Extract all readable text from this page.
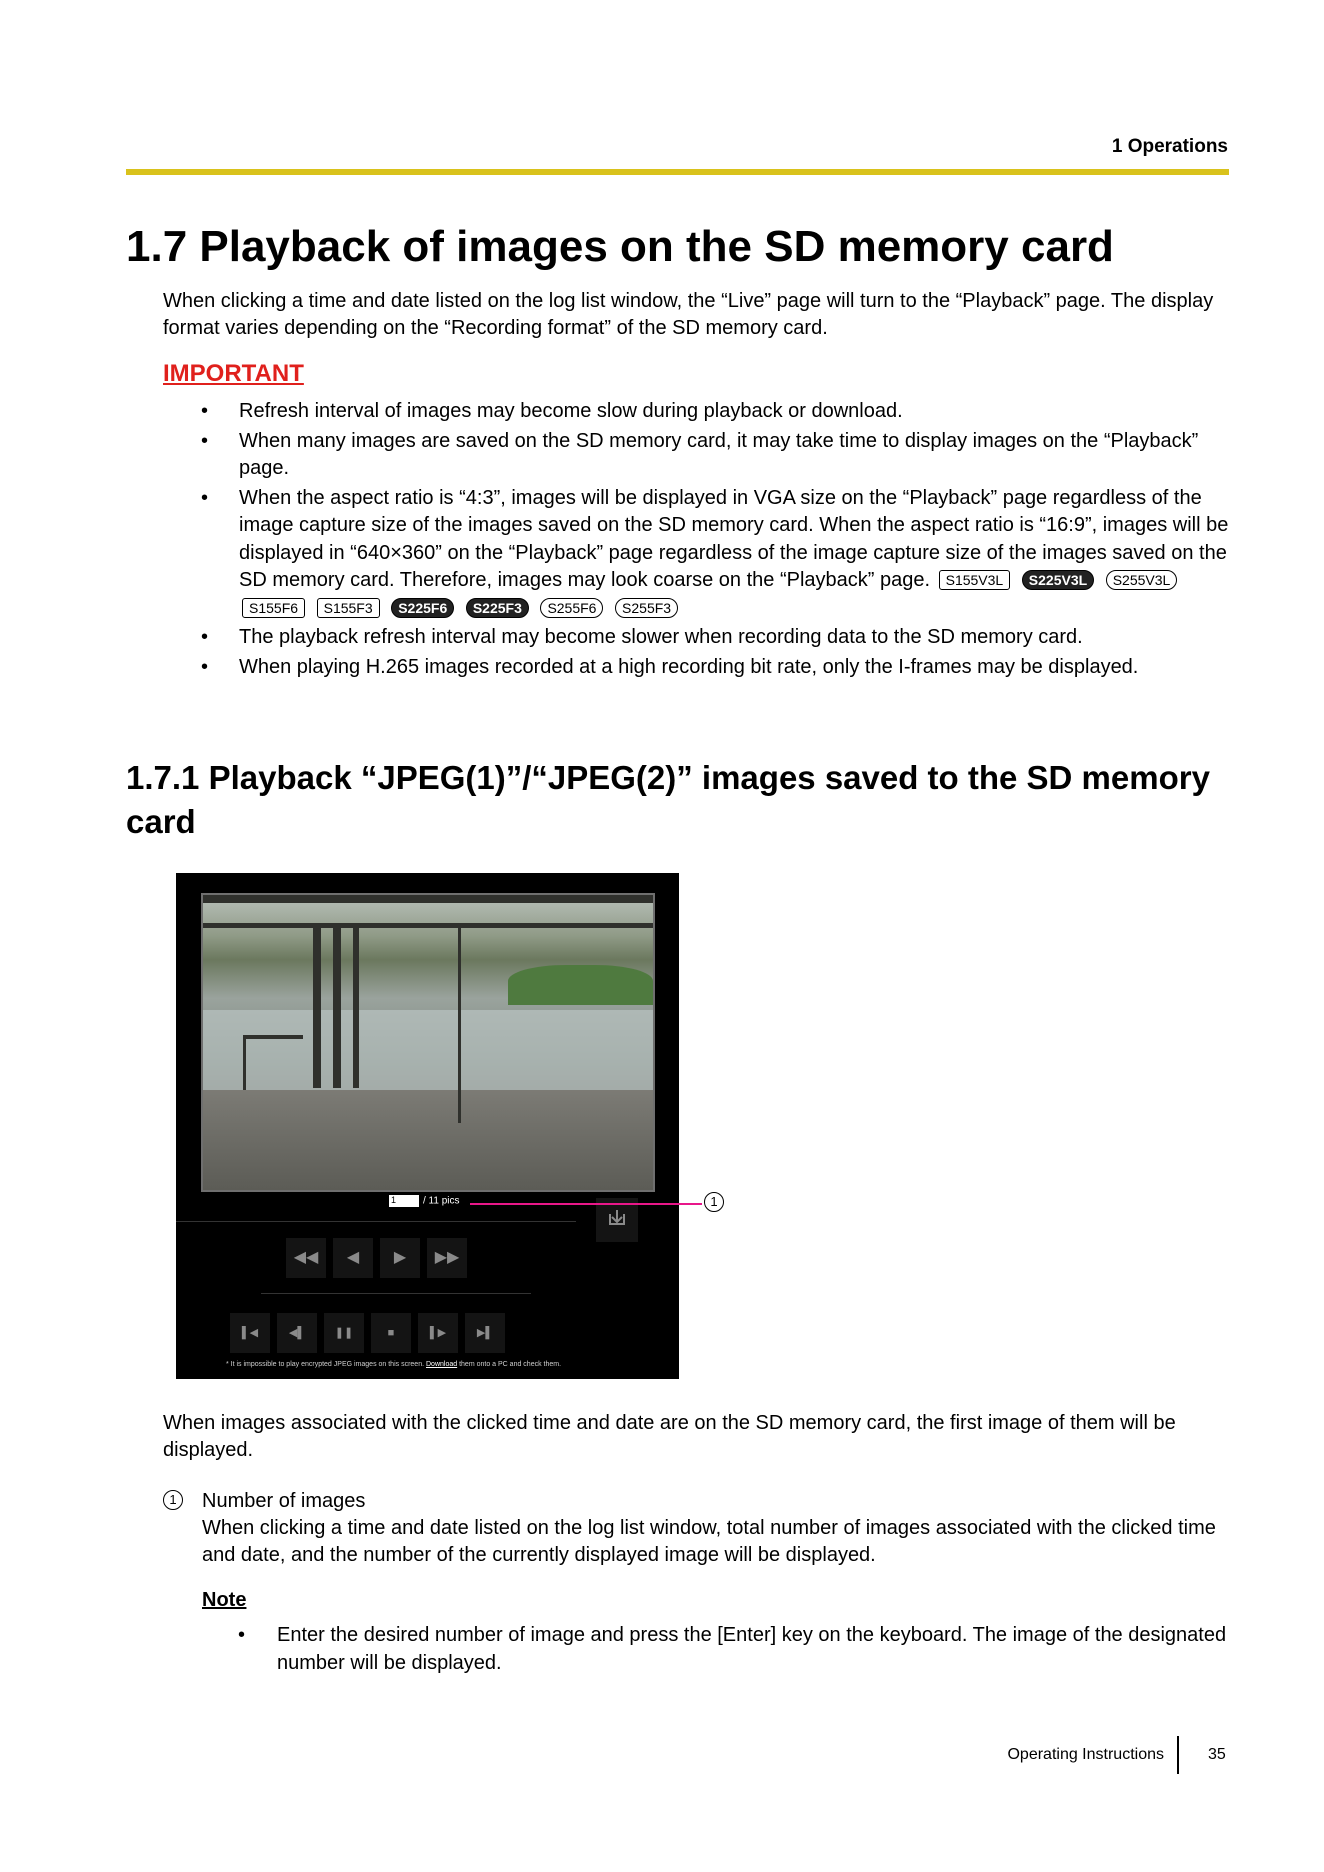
1 Operations
1.7 Playback of images on the SD memory card
When clicking a time and date listed on the log list window, the “Live” page will turn to the “Playback” page. The display format varies depending on the “Recording format” of the SD memory card.
IMPORTANT
• Refresh interval of images may become slow during playback or download.
• When many images are saved on the SD memory card, it may take time to display images on the “Playback” page.
• When the aspect ratio is “4:3”, images will be displayed in VGA size on the “Playback” page regardless of the image capture size of the images saved on the SD memory card. When the aspect ratio is “16:9”, images will be displayed in “640×360” on the “Playback” page regardless of the image capture size of the images saved on the SD memory card. Therefore, images may look coarse on the “Playback” page. S155V3L S225V3L S255V3L S155F6 S155F3 S225F6 S225F3 S255F6 S255F3
• The playback refresh interval may become slower when recording data to the SD memory card.
• When playing H.265 images recorded at a high recording bit rate, only the I-frames may be displayed.
1.7.1 Playback “JPEG(1)”/“JPEG(2)” images saved to the SD memory card
1	/ 11 pics
◀◀	◀	▶	▶▶
▌◀	◀▌	❚❚	■	▌▶	▶▌
* It is impossible to play encrypted JPEG images on this screen. Download them onto a PC and check them.
1
When images associated with the clicked time and date are on the SD memory card, the first image of them will be displayed.
1	Number of images
When clicking a time and date listed on the log list window, total number of images associated with the clicked time and date, and the number of the currently displayed image will be displayed.
Note
• Enter the desired number of image and press the [Enter] key on the keyboard. The image of the designated number will be displayed.
Operating Instructions	35
